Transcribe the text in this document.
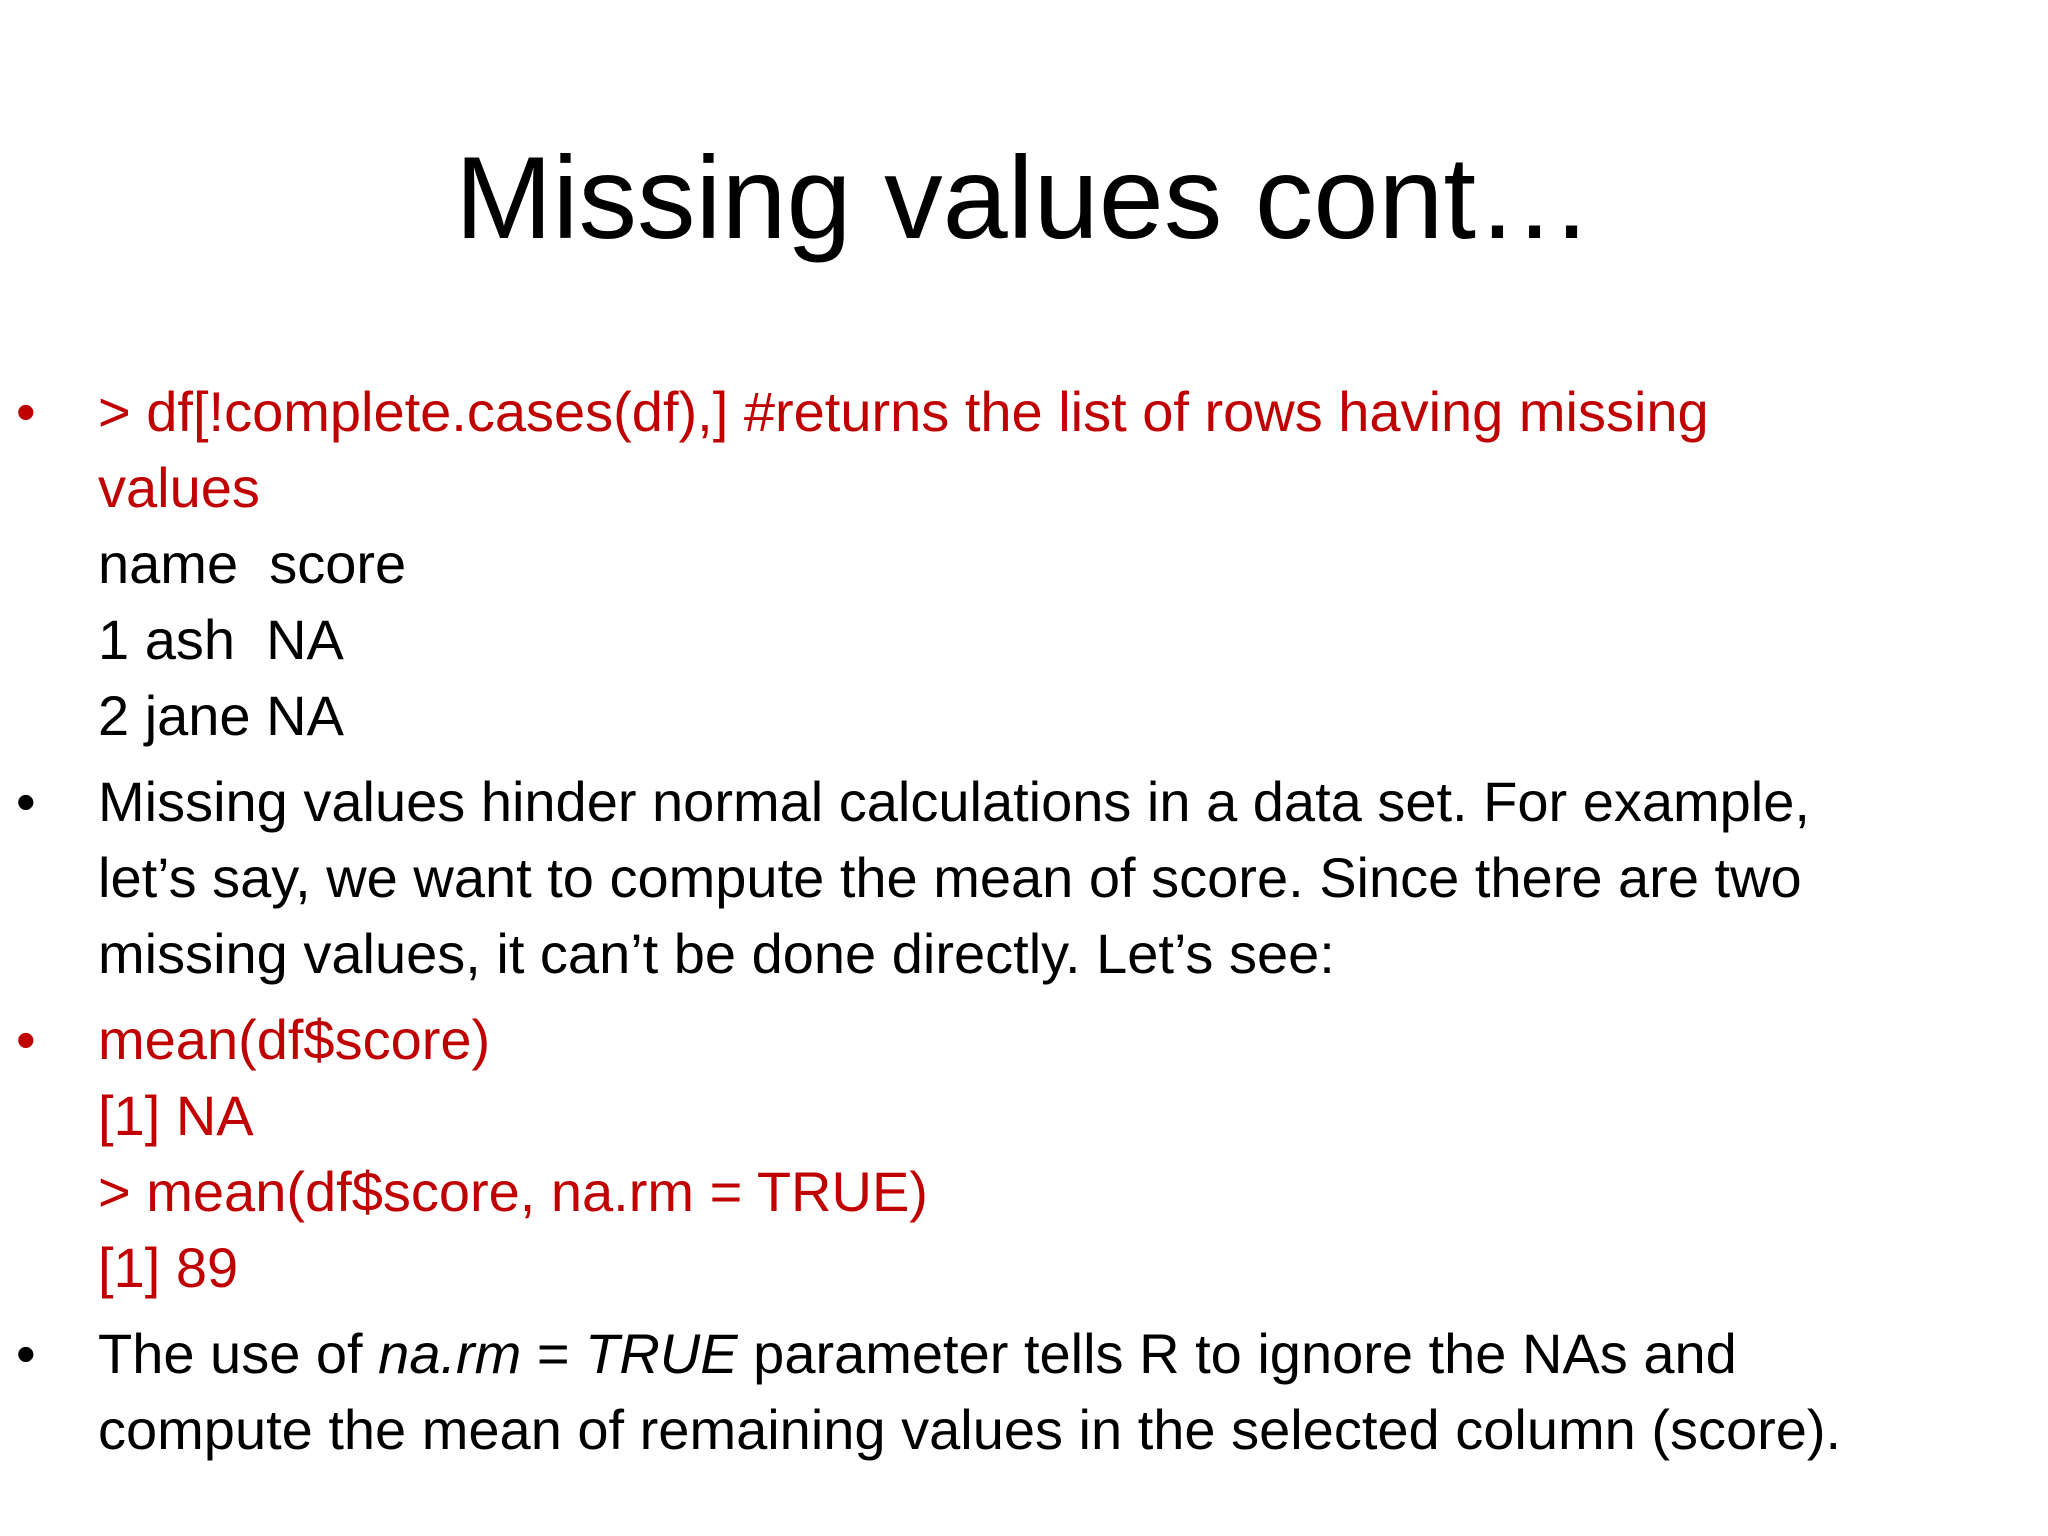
Missing values cont…
•	> df[!complete.cases(df),] #returns the list of rows having missing
values
name  score
1 ash  NA
2 jane NA
•	Missing values hinder normal calculations in a data set. For example,
let’s say, we want to compute the mean of score. Since there are two
missing values, it can’t be done directly. Let’s see:
•	mean(df$score)
[1] NA
> mean(df$score, na.rm = TRUE)
[1] 89
•	The use of na.rm = TRUE parameter tells R to ignore the NAs and
compute the mean of remaining values in the selected column (score).
